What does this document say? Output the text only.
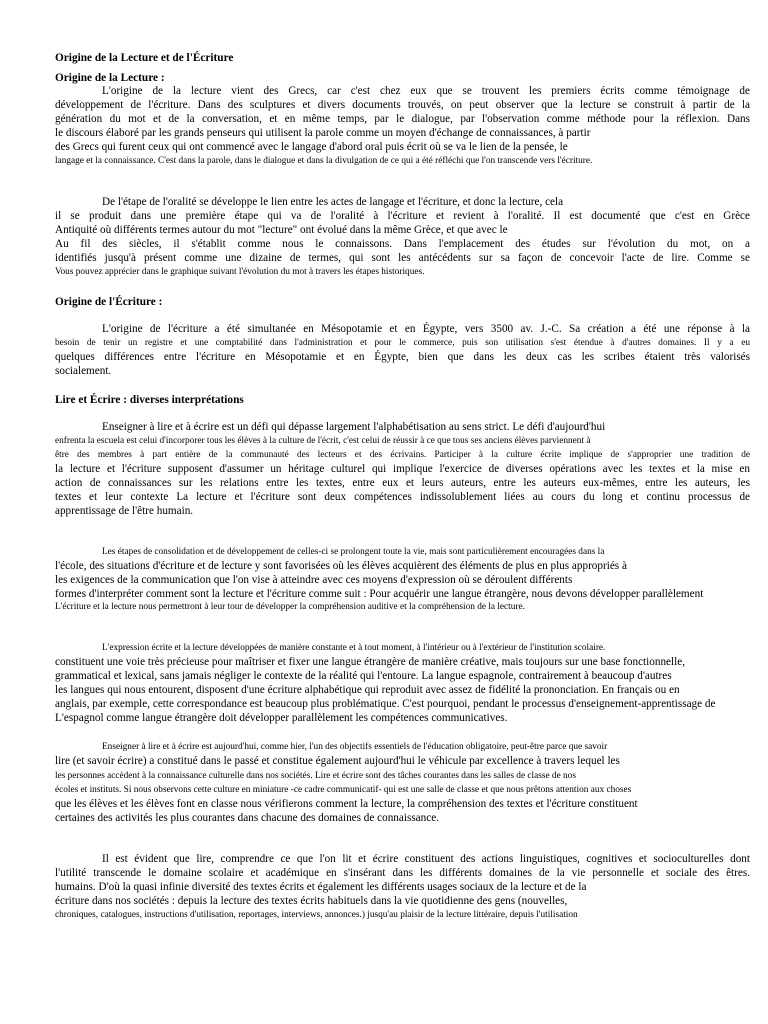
Origine de la Lecture et de l'Écriture
Origine de la Lecture :
L'origine de la lecture vient des Grecs, car c'est chez eux que se trouvent les premiers écrits comme témoignage de
développement de l'écriture. Dans des sculptures et divers documents trouvés, on peut observer que la lecture se construit à partir de la
génération du mot et de la conversation, et en même temps, par le dialogue, par l'observation comme méthode pour la réflexion. Dans
le discours élaboré par les grands penseurs qui utilisent la parole comme un moyen d'échange de connaissances, à partir
des Grecs qui furent ceux qui ont commencé avec le langage d'abord oral puis écrit où se va le lien de la pensée, le
langage et la connaissance. C'est dans la parole, dans le dialogue et dans la divulgation de ce qui a été réfléchi que l'on transcende vers l'écriture.
De l'étape de l'oralité se développe le lien entre les actes de langage et l'écriture, et donc la lecture, cela
il se produit dans une première étape qui va de l'oralité à l'écriture et revient à l'oralité. Il est documenté que c'est en Grèce
Antiquité où différents termes autour du mot "lecture" ont évolué dans la même Grèce, et que avec le
Au fil des siècles, il s'établit comme nous le connaissons. Dans l'emplacement des études sur l'évolution du mot, on a
identifiés jusqu'à présent comme une dizaine de termes, qui sont les antécédents sur sa façon de concevoir l'acte de lire. Comme se
Vous pouvez apprécier dans le graphique suivant l'évolution du mot à travers les étapes historiques.
Origine de l'Écriture :
L'origine de l'écriture a été simultanée en Mésopotamie et en Égypte, vers 3500 av. J.-C. Sa création a été une réponse à la
besoin de tenir un registre et une comptabilité dans l'administration et pour le commerce, puis son utilisation s'est étendue à d'autres domaines. Il y a eu
quelques différences entre l'écriture en Mésopotamie et en Égypte, bien que dans les deux cas les scribes étaient très valorisés
socialement.
Lire et Écrire : diverses interprétations
Enseigner à lire et à écrire est un défi qui dépasse largement l'alphabétisation au sens strict. Le défi d'aujourd'hui
enfrenta la escuela est celui d'incorporer tous les élèves à la culture de l'écrit, c'est celui de réussir à ce que tous ses anciens élèves parviennent à
être des membres à part entière de la communauté des lecteurs et des écrivains. Participer à la culture écrite implique de s'approprier une tradition de
la lecture et l'écriture supposent d'assumer un héritage culturel qui implique l'exercice de diverses opérations avec les textes et la mise en
action de connaissances sur les relations entre les textes, entre eux et leurs auteurs, entre les auteurs eux-mêmes, entre les auteurs, les
textes et leur contexte La lecture et l'écriture sont deux compétences indissolublement liées au cours du long et continu processus de
apprentissage de l'être humain.
Les étapes de consolidation et de développement de celles-ci se prolongent toute la vie, mais sont particulièrement encouragées dans la
l'école, des situations d'écriture et de lecture y sont favorisées où les élèves acquièrent des éléments de plus en plus appropriés à
les exigences de la communication que l'on vise à atteindre avec ces moyens d'expression où se déroulent différents
formes d'interpréter comment sont la lecture et l'écriture comme suit : Pour acquérir une langue étrangère, nous devons développer parallèlement
L'écriture et la lecture nous permettront à leur tour de développer la compréhension auditive et la compréhension de la lecture.
L'expression écrite et la lecture développées de manière constante et à tout moment, à l'intérieur ou à l'extérieur de l'institution scolaire.
constituent une voie très précieuse pour maîtriser et fixer une langue étrangère de manière créative, mais toujours sur une base fonctionnelle,
grammatical et lexical, sans jamais négliger le contexte de la réalité qui l'entoure. La langue espagnole, contrairement à beaucoup d'autres
les langues qui nous entourent, disposent d'une écriture alphabétique qui reproduit avec assez de fidélité la prononciation. En français ou en
anglais, par exemple, cette correspondance est beaucoup plus problématique. C'est pourquoi, pendant le processus d'enseignement-apprentissage de
L'espagnol comme langue étrangère doit développer parallèlement les compétences communicatives.
Enseigner à lire et à écrire est aujourd'hui, comme hier, l'un des objectifs essentiels de l'éducation obligatoire, peut-être parce que savoir
lire (et savoir écrire) a constitué dans le passé et constitue également aujourd'hui le véhicule par excellence à travers lequel les
les personnes accèdent à la connaissance culturelle dans nos sociétés. Lire et écrire sont des tâches courantes dans les salles de classe de nos
écoles et instituts. Si nous observons cette culture en miniature -ce cadre communicatif- qui est une salle de classe et que nous prêtons attention aux choses
que les élèves et les élèves font en classe nous vérifierons comment la lecture, la compréhension des textes et l'écriture constituent
certaines des activités les plus courantes dans chacune des domaines de connaissance.
Il est évident que lire, comprendre ce que l'on lit et écrire constituent des actions linguistiques, cognitives et socioculturelles dont
l'utilité transcende le domaine scolaire et académique en s'insérant dans les différents domaines de la vie personnelle et sociale des êtres.
humains. D'où la quasi infinie diversité des textes écrits et également les différents usages sociaux de la lecture et de la
écriture dans nos sociétés : depuis la lecture des textes écrits habituels dans la vie quotidienne des gens (nouvelles,
chroniques, catalogues, instructions d'utilisation, reportages, interviews, annonces.) jusqu'au plaisir de la lecture littéraire, depuis l'utilisation
